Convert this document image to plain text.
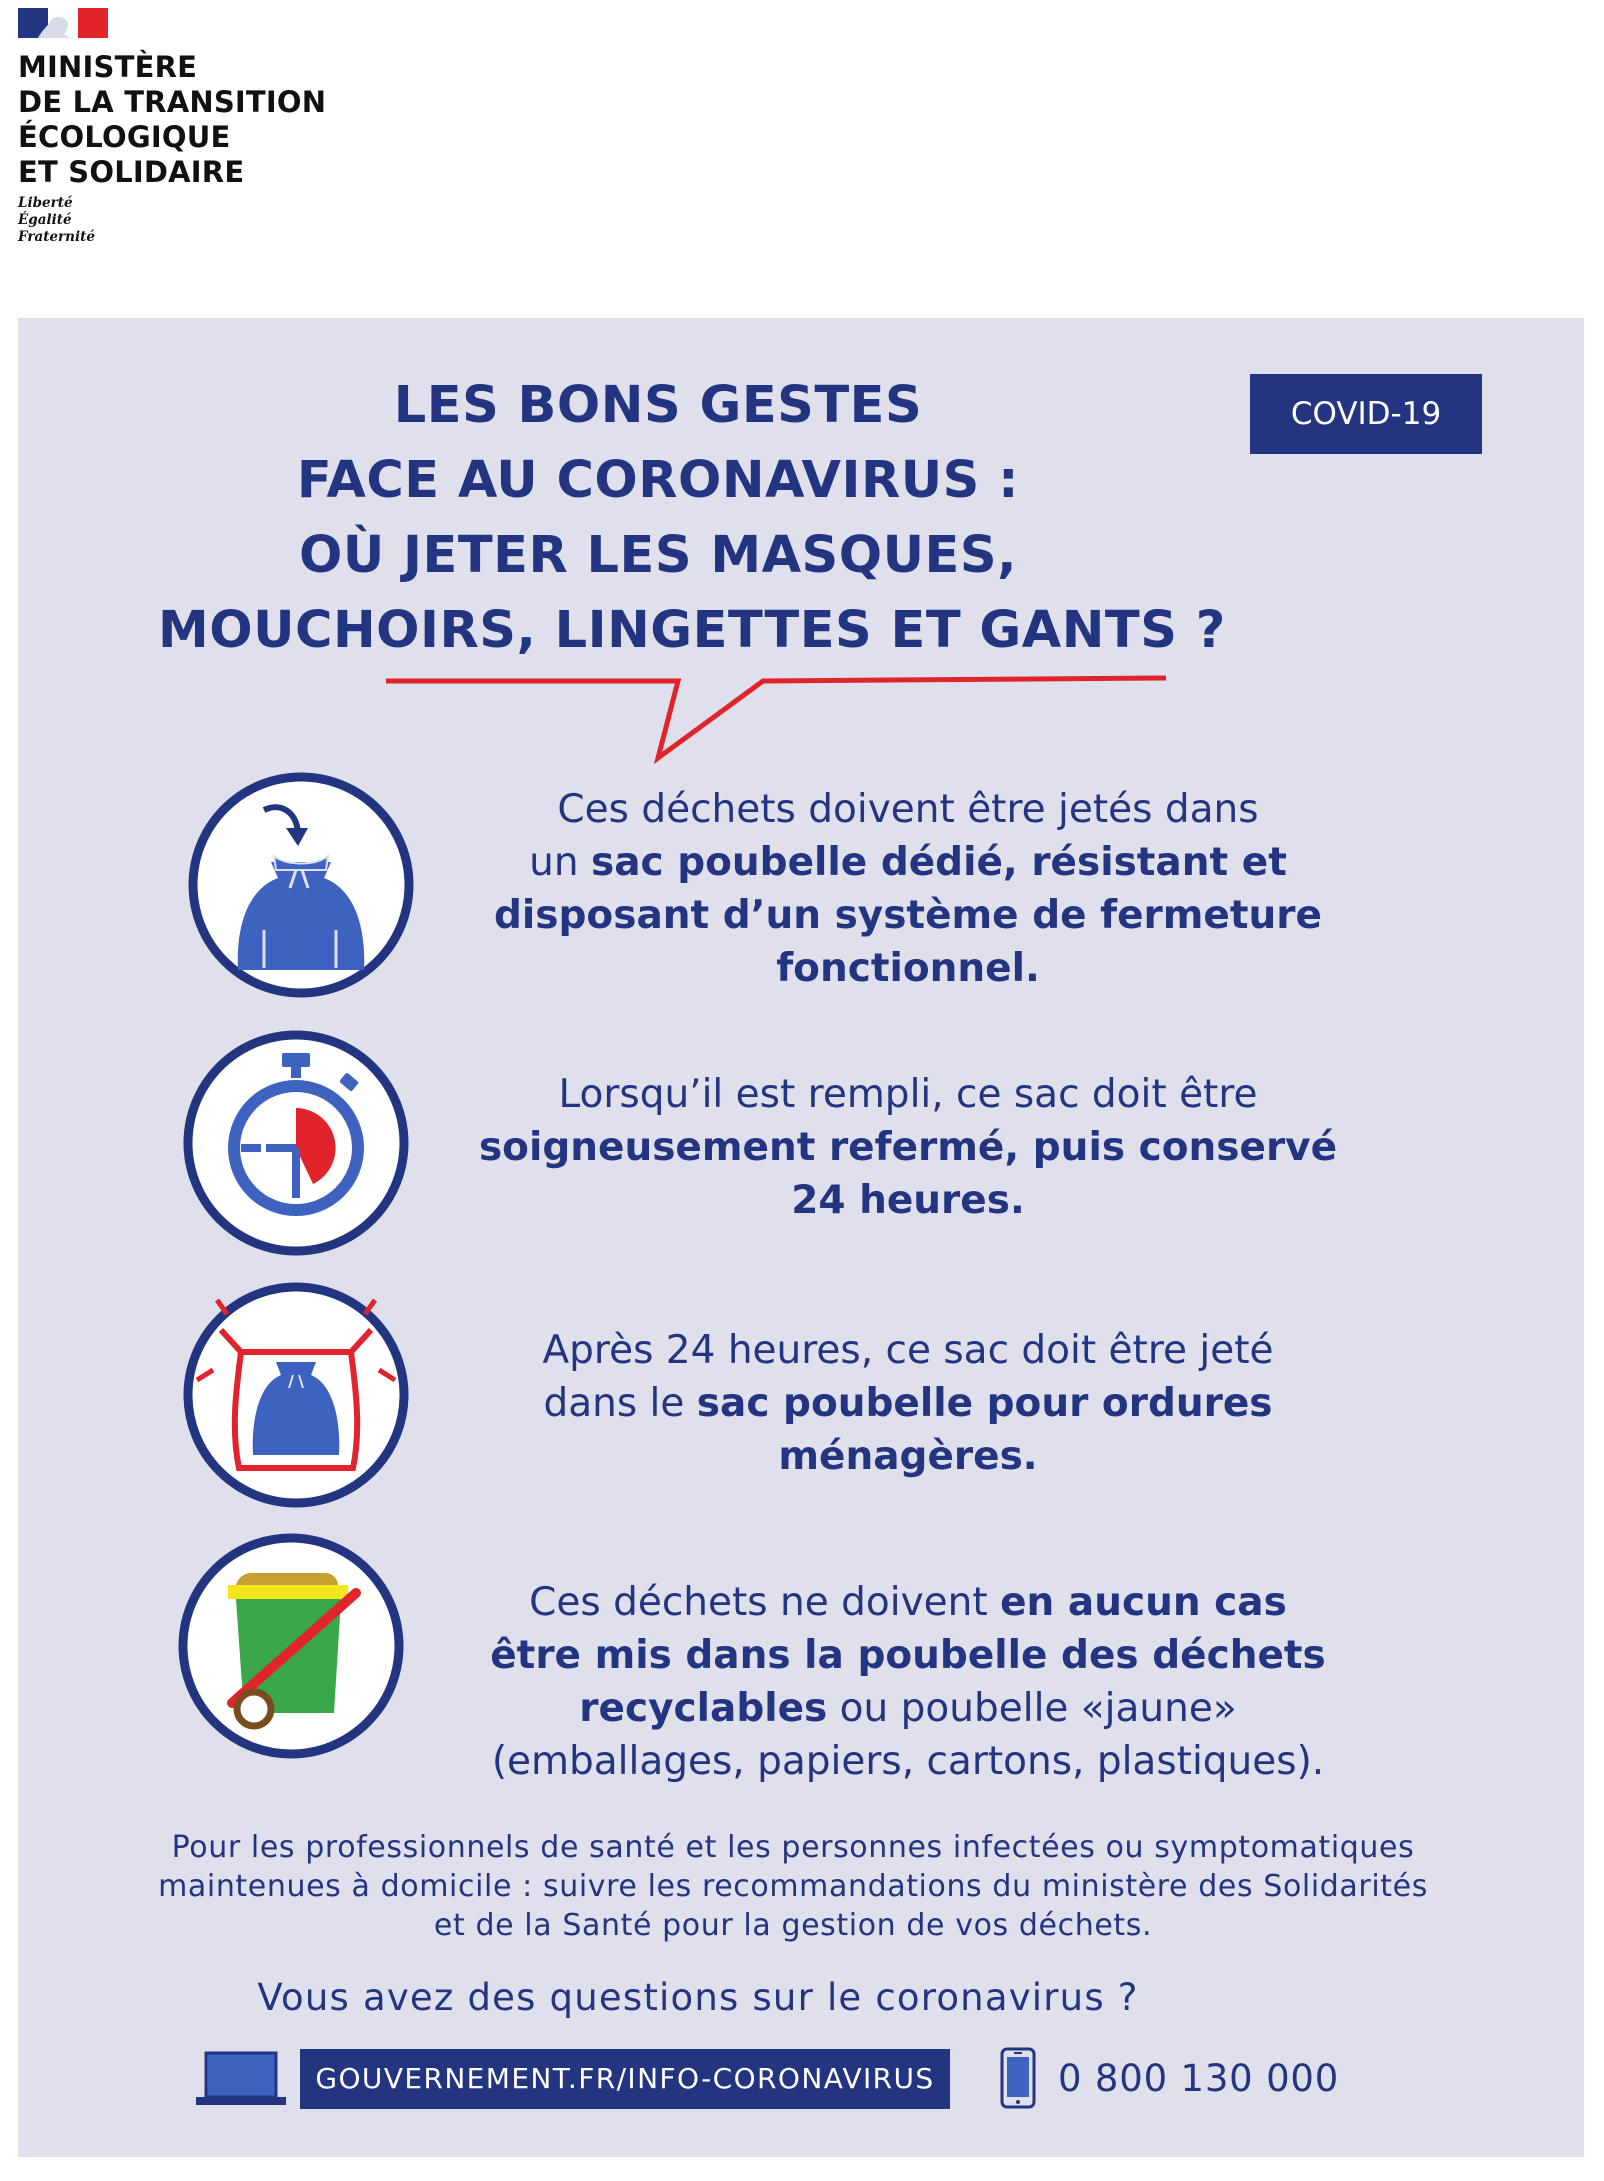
MINISTÈRE
DE LA TRANSITION
ÉCOLOGIQUE
ET SOLIDAIRE
Liberté
Égalité
Fraternité
LES BONS GESTES
FACE AU CORONAVIRUS :
OÙ JETER LES MASQUES,
MOUCHOIRS, LINGETTES ET GANTS ?
COVID-19
Ces déchets doivent être jetés dans
un sac poubelle dédié, résistant et
disposant d’un système de fermeture
fonctionnel.
Lorsqu’il est rempli, ce sac doit être
soigneusement refermé, puis conservé
24 heures.
Après 24 heures, ce sac doit être jeté
dans le sac poubelle pour ordures
ménagères.
Ces déchets ne doivent en aucun cas
être mis dans la poubelle des déchets
recyclables ou poubelle «jaune»
(emballages, papiers, cartons, plastiques).
Pour les professionnels de santé et les personnes infectées ou symptomatiques
maintenues à domicile : suivre les recommandations du ministère des Solidarités
et de la Santé pour la gestion de vos déchets.
Vous avez des questions sur le coronavirus ?
GOUVERNEMENT.FR/INFO-CORONAVIRUS	0 800 130 000
